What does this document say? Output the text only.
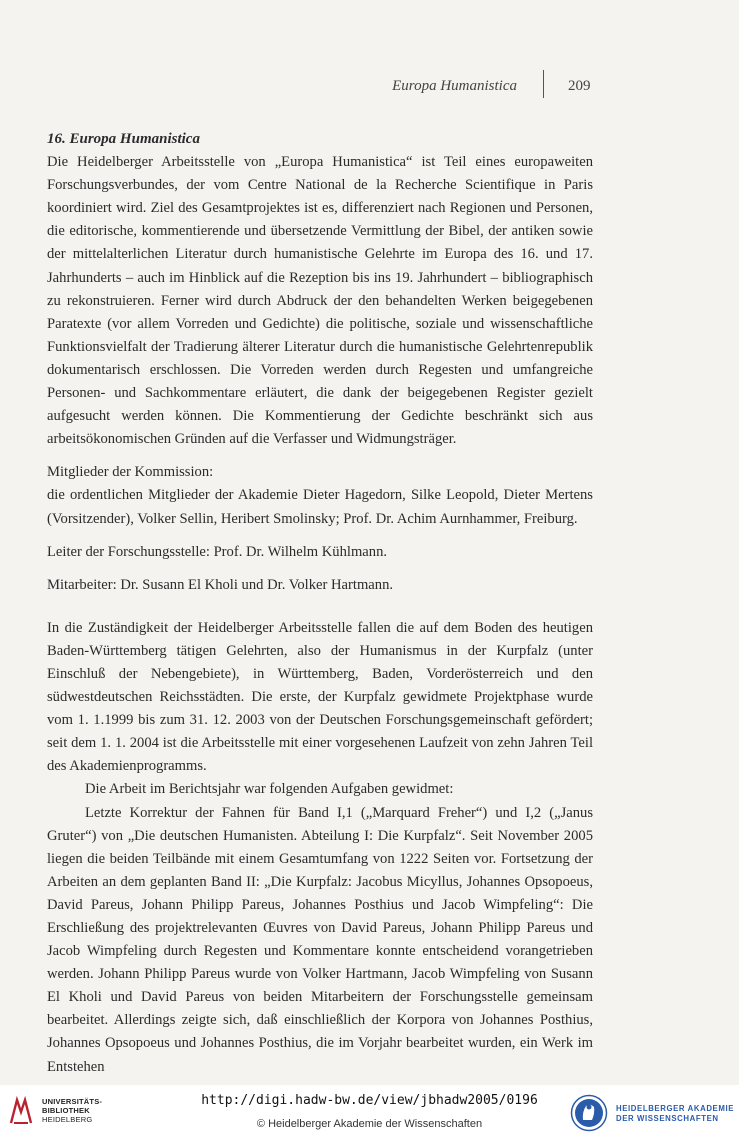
Europa Humanistica	209

16. Europa Humanistica

Die Heidelberger Arbeitsstelle von „Europa Humanistica“ ist Teil eines europaweiten Forschungsverbundes, der vom Centre National de la Recherche Scientifique in Paris koordiniert wird. Ziel des Gesamtprojektes ist es, differenziert nach Regionen und Personen, die editorische, kommentierende und übersetzende Vermittlung der Bibel, der antiken sowie der mittelalterlichen Literatur durch humanistische Gelehrte im Europa des 16. und 17. Jahrhunderts – auch im Hinblick auf die Rezeption bis ins 19. Jahrhundert – bibliographisch zu rekonstruieren. Ferner wird durch Abdruck der den behandelten Werken beigegebenen Paratexte (vor allem Vorreden und Gedichte) die politische, soziale und wissenschaftliche Funktionsvielfalt der Tradierung älterer Literatur durch die humanistische Gelehrtenrepublik dokumentarisch erschlossen. Die Vorreden werden durch Regesten und umfangreiche Personen- und Sachkommentare erläutert, die dank der beigegebenen Register gezielt aufgesucht werden können. Die Kommentierung der Gedichte beschränkt sich aus arbeitsökonomischen Gründen auf die Verfasser und Widmungsträger.

Mitglieder der Kommission:

die ordentlichen Mitglieder der Akademie Dieter Hagedorn, Silke Leopold, Dieter Mertens (Vorsitzender), Volker Sellin, Heribert Smolinsky; Prof. Dr. Achim Aurnhammer, Freiburg.

Leiter der Forschungsstelle: Prof. Dr. Wilhelm Kühlmann.

Mitarbeiter: Dr. Susann El Kholi und Dr. Volker Hartmann.

In die Zuständigkeit der Heidelberger Arbeitsstelle fallen die auf dem Boden des heutigen Baden-Württemberg tätigen Gelehrten, also der Humanismus in der Kurpfalz (unter Einschluß der Nebengebiete), in Württemberg, Baden, Vorderösterreich und den südwestdeutschen Reichsstädten. Die erste, der Kurpfalz gewidmete Projektphase wurde vom 1. 1.1999 bis zum 31. 12. 2003 von der Deutschen Forschungsgemeinschaft gefördert; seit dem 1. 1. 2004 ist die Arbeitsstelle mit einer vorgesehenen Laufzeit von zehn Jahren Teil des Akademienprogramms.

Die Arbeit im Berichtsjahr war folgenden Aufgaben gewidmet:

Letzte Korrektur der Fahnen für Band I,1 („Marquard Freher“) und I,2 („Janus Gruter“) von „Die deutschen Humanisten. Abteilung I: Die Kurpfalz“. Seit November 2005 liegen die beiden Teilbände mit einem Gesamtumfang von 1222 Seiten vor. Fortsetzung der Arbeiten an dem geplanten Band II: „Die Kurpfalz: Jacobus Micyllus, Johannes Opsopoeus, David Pareus, Johann Philipp Pareus, Johannes Posthius und Jacob Wimpfeling“: Die Erschließung des projektrelevanten Œuvres von David Pareus, Johann Philipp Pareus und Jacob Wimpfeling durch Regesten und Kommentare konnte entscheidend vorangetrieben werden. Johann Philipp Pareus wurde von Volker Hartmann, Jacob Wimpfeling von Susann El Kholi und David Pareus von beiden Mitarbeitern der Forschungsstelle gemeinsam bearbeitet. Allerdings zeigte sich, daß einschließlich der Korpora von Johannes Posthius, Johannes Opsopoeus und Johannes Posthius, die im Vorjahr bearbeitet wurden, ein Werk im Entstehen

UNIVERSITÄTS-
BIBLIOTHEK
HEIDELBERG
http://digi.hadw-bw.de/view/jbhadw2005/0196
© Heidelberger Akademie der Wissenschaften
HEIDELBERGER AKADEMIE
DER WISSENSCHAFTEN
